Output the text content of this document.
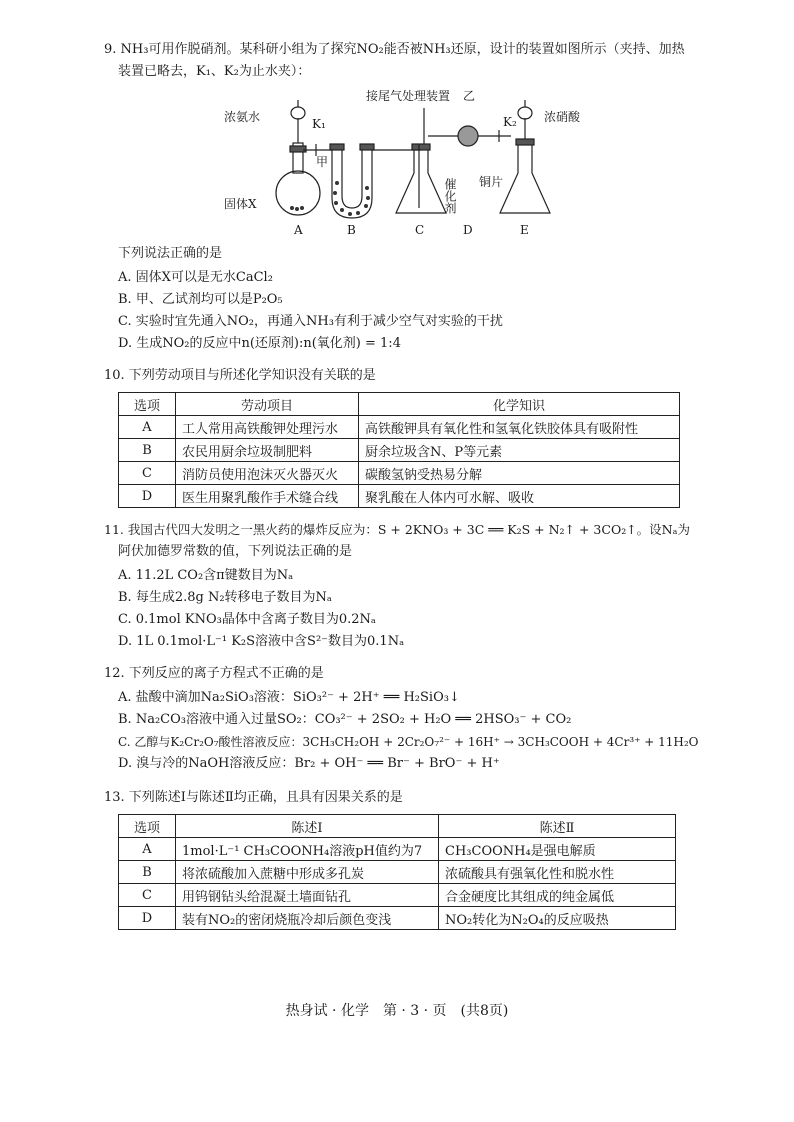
9. NH₃可用作脱硝剂。某科研小组为了探究NO₂能否被NH₃还原，设计的装置如图所示（夹持、加热
装置已略去，K₁、K₂为止水夹）：
接尾气处理装置 乙
浓氨水	K₁	K₂ 浓硝酸
甲
固体X	催化剂 铜片
A	B	C	D	E
下列说法正确的是
A. 固体X可以是无水CaCl₂
B. 甲、乙试剂均可以是P₂O₅
C. 实验时宜先通入NO₂，再通入NH₃有利于减少空气对实验的干扰
D. 生成NO₂的反应中n(还原剂):n(氧化剂) = 1:4
10. 下列劳动项目与所述化学知识没有关联的是
选项	劳动项目	化学知识
A	工人常用高铁酸钾处理污水	高铁酸钾具有氧化性和氢氧化铁胶体具有吸附性
B	农民用厨余垃圾制肥料	厨余垃圾含N、P等元素
C	消防员使用泡沫灭火器灭火	碳酸氢钠受热易分解
D	医生用聚乳酸作手术缝合线	聚乳酸在人体内可水解、吸收
11. 我国古代四大发明之一黑火药的爆炸反应为：S + 2KNO₃ + 3C ══ K₂S + N₂↑ + 3CO₂↑。设Nₐ为
阿伏加德罗常数的值，下列说法正确的是
A. 11.2L CO₂含π键数目为Nₐ
B. 每生成2.8g N₂转移电子数目为Nₐ
C. 0.1mol KNO₃晶体中含离子数目为0.2Nₐ
D. 1L 0.1mol·L⁻¹ K₂S溶液中含S²⁻数目为0.1Nₐ
12. 下列反应的离子方程式不正确的是
A. 盐酸中滴加Na₂SiO₃溶液：SiO₃²⁻ + 2H⁺ ══ H₂SiO₃↓
B. Na₂CO₃溶液中通入过量SO₂：CO₃²⁻ + 2SO₂ + H₂O ══ 2HSO₃⁻ + CO₂
C. 乙醇与K₂Cr₂O₇酸性溶液反应：3CH₃CH₂OH + 2Cr₂O₇²⁻ + 16H⁺ → 3CH₃COOH + 4Cr³⁺ + 11H₂O
D. 溴与冷的NaOH溶液反应：Br₂ + OH⁻ ══ Br⁻ + BrO⁻ + H⁺
13. 下列陈述Ⅰ与陈述Ⅱ均正确，且具有因果关系的是
选项	陈述Ⅰ	陈述Ⅱ
A	1mol·L⁻¹ CH₃COONH₄溶液pH值约为7	CH₃COONH₄是强电解质
B	将浓硫酸加入蔗糖中形成多孔炭	浓硫酸具有强氧化性和脱水性
C	用钨钢钻头给混凝土墙面钻孔	合金硬度比其组成的纯金属低
D	装有NO₂的密闭烧瓶冷却后颜色变浅	NO₂转化为N₂O₄的反应吸热
热身试 · 化学　第 · 3 · 页　(共8页)
